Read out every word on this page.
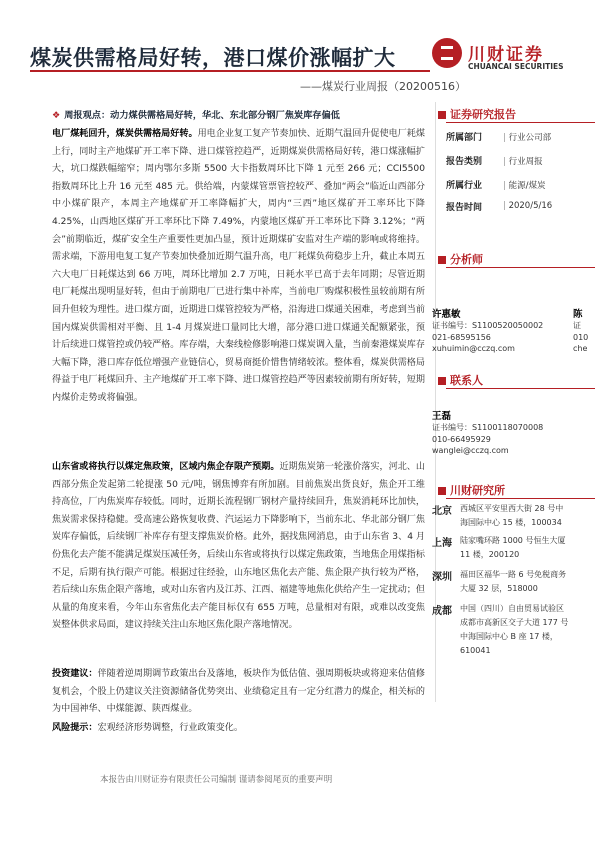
煤炭供需格局好转，港口煤价涨幅扩大
——煤炭行业周报（20200516）
川财证券
CHUANCAI SECURITIES
❖ 周报观点：动力煤供需格局好转，华北、东北部分钢厂焦炭库存偏低
电厂煤耗回升，煤炭供需格局好转。用电企业复工复产节奏加快、近期气温回升促使电厂耗煤上行，同时主产地煤矿开工率下降、进口煤管控趋严，近期煤炭供需格局好转，港口煤涨幅扩大，坑口煤跌幅缩窄；周内鄂尔多斯 5500 大卡指数周环比下降 1 元至 266 元；CCI5500 指数周环比上升 16 元至 485 元。供给端，内蒙煤管票管控较严、叠加“两会”临近山西部分中小煤矿限产，本周主产地煤矿开工率降幅扩大，周内“三西”地区煤矿开工率环比下降 4.25%，山西地区煤矿开工率环比下降 7.49%，内蒙地区煤矿开工率环比下降 3.12%；“两会”前期临近，煤矿安全生产重要性更加凸显，预计近期煤矿安监对生产端的影响或将维持。需求端，下游用电复工复产节奏加快叠加近期气温升高，电厂耗煤负荷稳步上升，截止本周五六大电厂日耗煤达到 66 万吨，周环比增加 2.7 万吨，日耗水平已高于去年同期；尽管近期电厂耗煤出现明显好转，但由于前期电厂已进行集中补库，当前电厂购煤积极性虽较前期有所回升但较为理性。进口煤方面，近期进口煤管控较为严格，沿海进口煤通关困难，考虑到当前国内煤炭供需相对平衡、且 1-4 月煤炭进口量同比大增，部分港口进口煤通关配额紧张，预计后续进口煤管控或仍较严格。库存端，大秦线检修影响港口煤炭调入量，当前秦港煤炭库存大幅下降，港口库存低位增强产业链信心，贸易商挺价惜售情绪较浓。整体看，煤炭供需格局得益于电厂耗煤回升、主产地煤矿开工率下降、进口煤管控趋严等因素较前期有所好转，短期内煤价走势或将偏强。
山东省或将执行以煤定焦政策，区域内焦企存限产预期。近期焦炭第一轮涨价落实，河北、山西部分焦企发起第二轮提涨 50 元/吨，钢焦博弈有所加剧。目前焦炭出货良好，焦企开工维持高位，厂内焦炭库存较低。同时，近期长流程钢厂钢材产量持续回升，焦炭消耗环比加快，焦炭需求保持稳健。受高速公路恢复收费、汽运运力下降影响下，当前东北、华北部分钢厂焦炭库存偏低，后续钢厂补库存有望支撑焦炭价格。此外，据找焦网消息，由于山东省 3、4 月份焦化去产能不能满足煤炭压减任务，后续山东省或将执行以煤定焦政策，当地焦企用煤指标不足，后期有执行限产可能。根据过往经验，山东地区焦化去产能、焦企限产执行较为严格，若后续山东焦企限产落地，或对山东省内及江苏、江西、福建等地焦化供给产生一定扰动；但从量的角度来看，今年山东省焦化去产能目标仅有 655 万吨，总量相对有限，或难以改变焦炭整体供求局面，建议持续关注山东地区焦化限产落地情况。
投资建议：伴随着逆周期调节政策出台及落地，板块作为低估值、强周期板块或将迎来估值修复机会，个股上仍建议关注资源储备优势突出、业绩稳定且有一定分红潜力的煤企，相关标的为中国神华、中煤能源、陕西煤业。
风险提示：宏观经济形势调整，行业政策变化。
本报告由川财证券有限责任公司编制 谨请参阅尾页的重要声明
证券研究报告
所属部门	| 行业公司部
报告类别	| 行业周报
所属行业	| 能源/煤炭
报告时间	| 2020/5/16
分析师
许惠敏
证书编号：S1100520050002
021-68595156
xuhuimin@cczq.com
陈
证
010
che
联系人
王磊
证书编号：S1100118070008
010-66495929
wanglei@cczq.com
川财研究所
北京 西城区平安里西大街 28 号中海国际中心 15 楼，100034
上海 陆家嘴环路 1000 号恒生大厦 11 楼，200120
深圳 福田区福华一路 6 号免税商务大厦 32 层，518000
成都 中国（四川）自由贸易试验区成都市高新区交子大道 177 号中海国际中心 B 座 17 楼，610041
